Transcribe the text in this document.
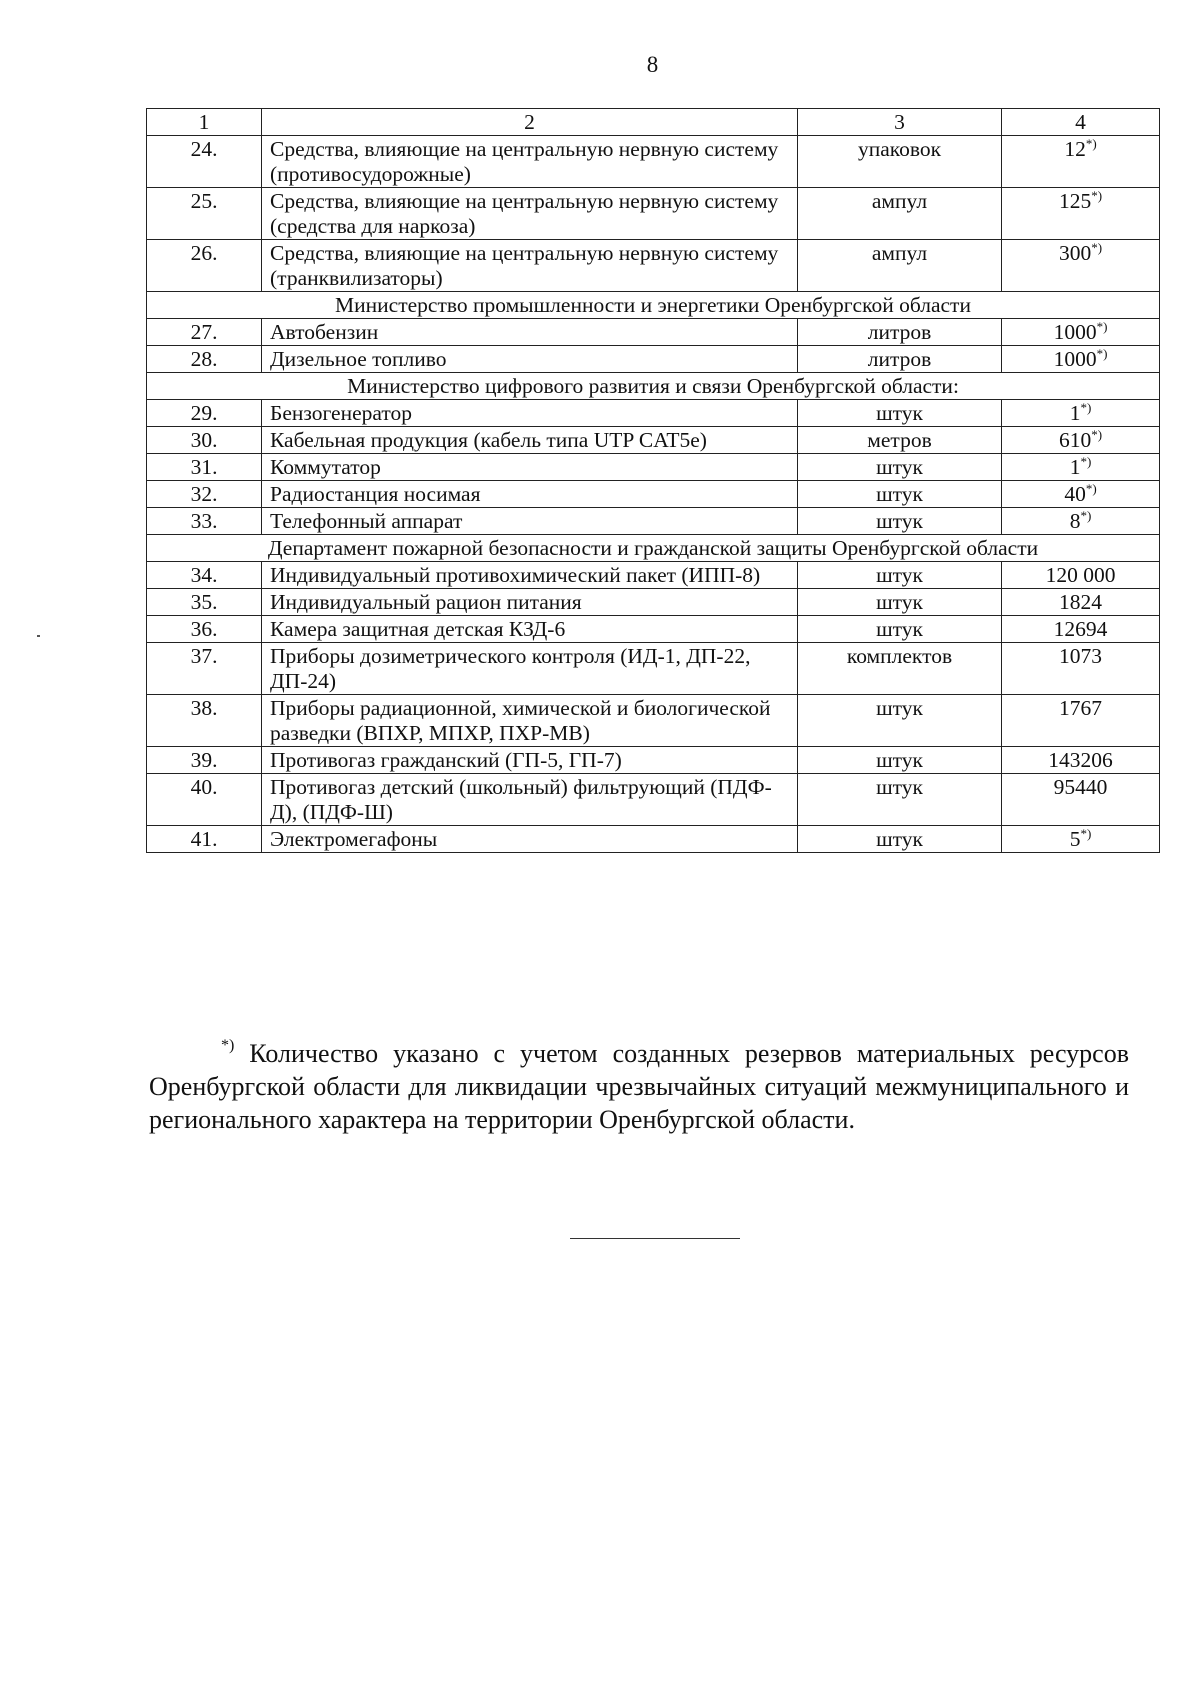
8
1	2	3	4
24.	Средства, влияющие на центральную нервную систему (противосудорожные)	упаковок	12*)
25.	Средства, влияющие на центральную нервную систему (средства для наркоза)	ампул	125*)
26.	Средства, влияющие на центральную нервную систему (транквилизаторы)	ампул	300*)
Министерство промышленности и энергетики Оренбургской области			
27.	Автобензин	литров	1000*)
28.	Дизельное топливо	литров	1000*)
Министерство цифрового развития и связи Оренбургской области:			
29.	Бензогенератор	штук	1*)
30.	Кабельная продукция (кабель типа UTP CAT5e)	метров	610*)
31.	Коммутатор	штук	1*)
32.	Радиостанция носимая	штук	40*)
33.	Телефонный аппарат	штук	8*)
Департамент пожарной безопасности и гражданской защиты Оренбургской области			
34.	Индивидуальный противохимический пакет (ИПП-8)	штук	120 000
35.	Индивидуальный рацион питания	штук	1824
36.	Камера защитная детская КЗД-6	штук	12694
37.	Приборы дозиметрического контроля (ИД-1, ДП-22, ДП-24)	комплектов	1073
38.	Приборы радиационной, химической и биологической разведки (ВПХР, МПХР, ПХР-МВ)	штук	1767
39.	Противогаз гражданский (ГП-5, ГП-7)	штук	143206
40.	Противогаз детский (школьный) фильтрующий (ПДФ-Д), (ПДФ-Ш)	штук	95440
41.	Электромегафоны	штук	5*)
*) Количество указано с учетом созданных резервов материальных ресурсов Оренбургской области для ликвидации чрезвычайных ситуаций межмуниципального и регионального характера на территории Оренбургской области.
